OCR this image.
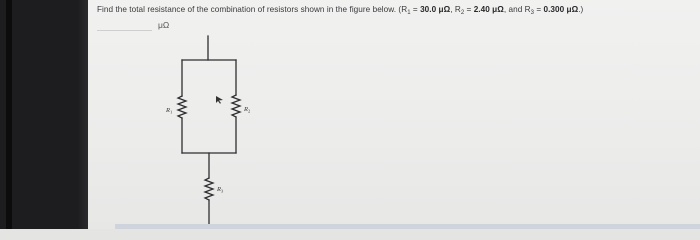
Find the total resistance of the combination of resistors shown in the figure below. ($R_1 = 30.0$ μΩ, $R_2 = 2.40$ μΩ, and $R_3 = 0.300$ μΩ.)
μΩ
$R_1$	$R_2$
$R_3$
